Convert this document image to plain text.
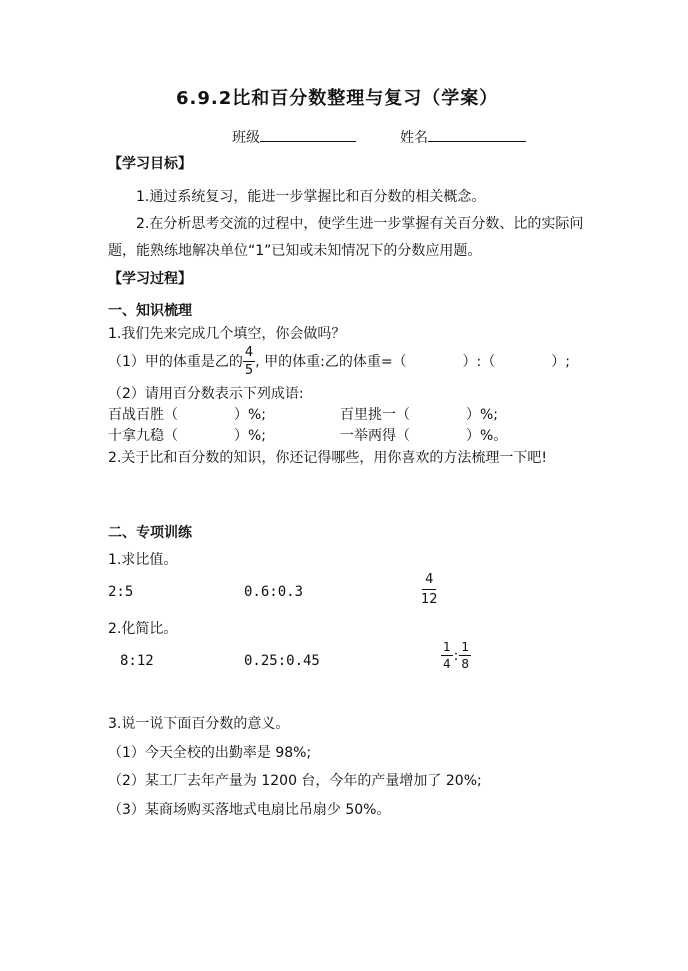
6.9.2比和百分数整理与复习（学案）
班级	姓名
【学习目标】
1.通过系统复习，能进一步掌握比和百分数的相关概念。
2.在分析思考交流的过程中，使学生进一步掌握有关百分数、比的实际问
题，能熟练地解决单位“1”已知或未知情况下的分数应用题。
【学习过程】
一、知识梳理
1.我们先来完成几个填空，你会做吗？
（1）甲的体重是乙的 $\frac{4}{5}$ , 甲的体重:乙的体重=（　　　　）:（　　　　）;
（2）请用百分数表示下列成语:
百战百胜（　　　　）%;	百里挑一（　　　　）%;
十拿九稳（　　　　）%;	一举两得（　　　　）%。
2.关于比和百分数的知识，你还记得哪些，用你喜欢的方法梳理一下吧!
二、专项训练
1.求比值。
2:5	0.6:0.3	$\frac{4}{12}$
2.化简比。
8:12	0.25:0.45	$\frac{1}{4}$ : $\frac{1}{8}$
3.说一说下面百分数的意义。
（1）今天全校的出勤率是 98%;
（2）某工厂去年产量为 1200 台，今年的产量增加了 20%;
（3）某商场购买落地式电扇比吊扇少 50%。
